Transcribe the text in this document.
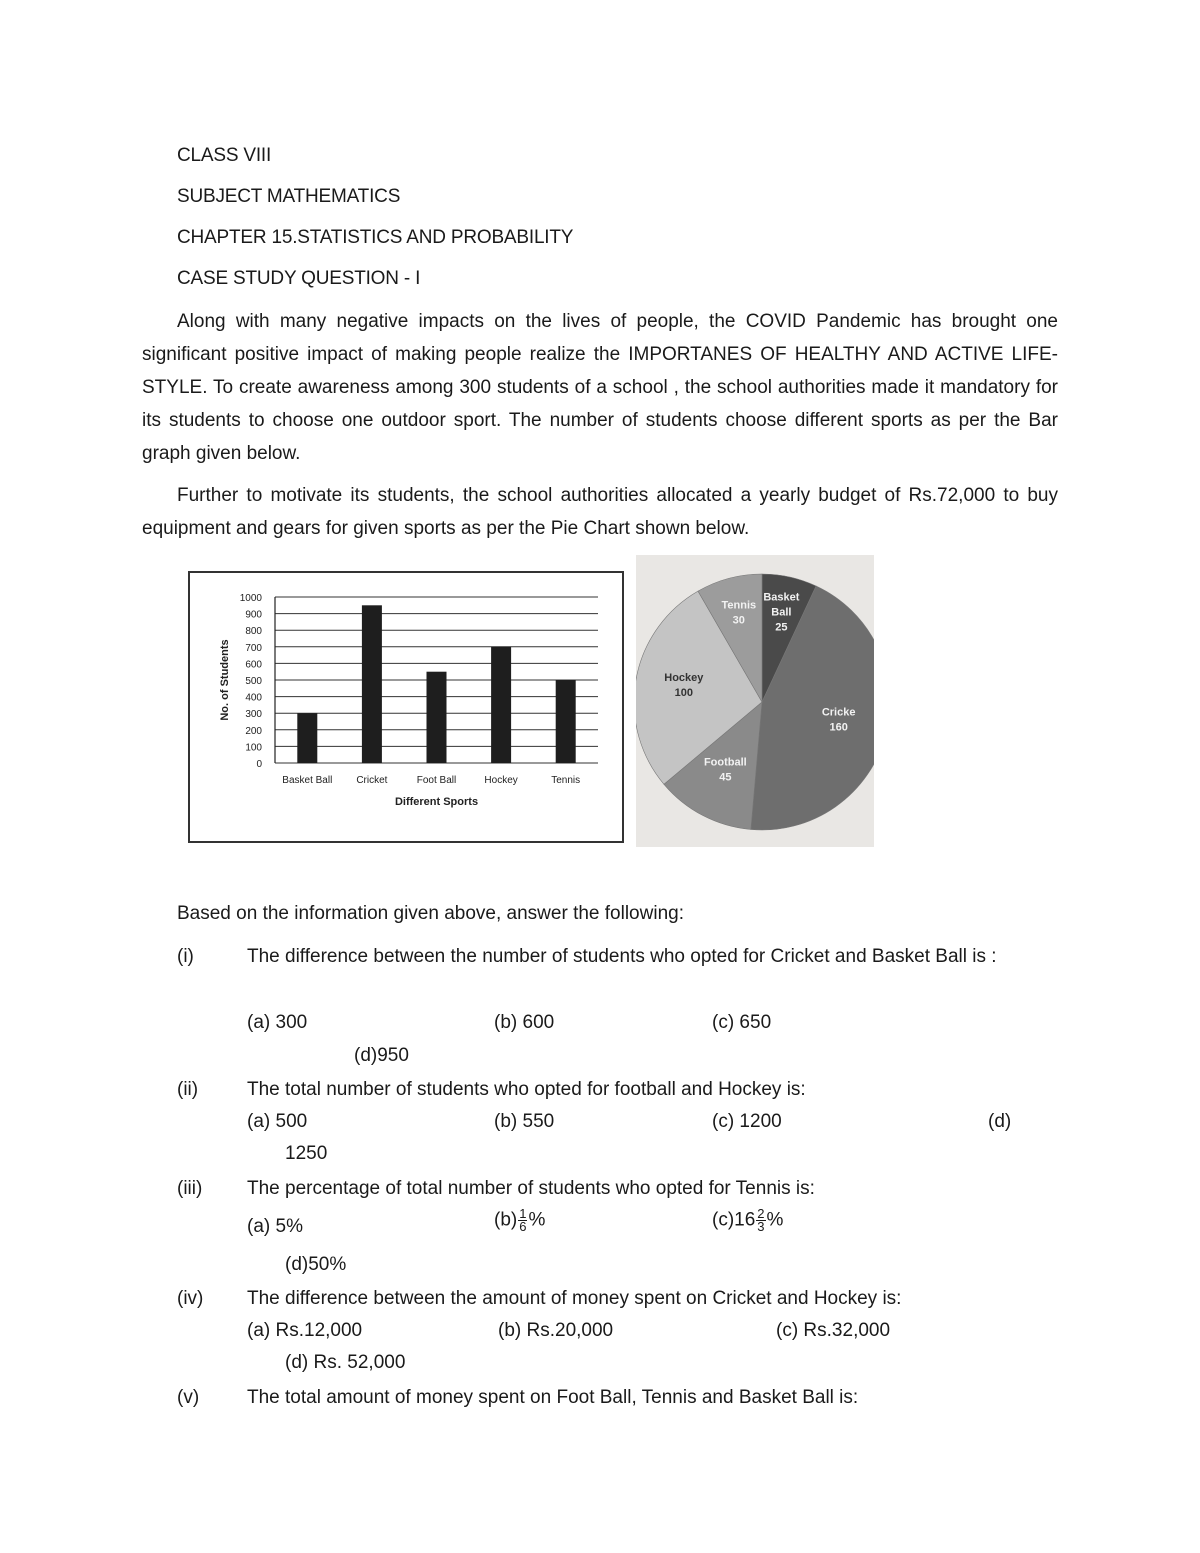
CLASS VIII
SUBJECT MATHEMATICS
CHAPTER 15.STATISTICS AND PROBABILITY
CASE STUDY QUESTION - I
Along with many negative impacts on the lives of people, the COVID Pandemic has brought one significant positive impact of making people realize the IMPORTANES OF HEALTHY AND ACTIVE LIFE-STYLE. To create awareness among 300 students of a school , the school authorities made it mandatory for its students to choose one outdoor sport. The number of students choose different sports as per the Bar graph given below.
Further to motivate its students, the school authorities allocated a yearly budget of Rs.72,000 to buy equipment and gears for given sports as per the Pie Chart shown below.
0
100
200
300
400
500
600
700
800
900
1000
Basket Ball Cricket	Foot Ball	Hockey	Tennis
Different Sports
No. of Students
Basket
Ball
25
Cricke
160
Football
45
Hockey
100
Tennis
30
Based on the information given above, answer the following:
(i)	The difference between the number of students who opted for Cricket and Basket Ball is :
(a) 300	(b) 600	(c) 650
(d)950
(ii)	The total number of students who opted for football and Hockey is:
(a) 500	(b) 550	(c) 1200	(d)
1250
(iii) The percentage of total number of students who opted for Tennis is:
(a) 5%	$(b) \frac{1}{6}$ %	$(c)16 \frac{2}{3}$ %
(d)50%
(iv) The difference between the amount of money spent on Cricket and Hockey is:
(a) Rs.12,000	(b) Rs.20,000	(c) Rs.32,000
(d) Rs. 52,000
(v)	The total amount of money spent on Foot Ball, Tennis and Basket Ball is:
